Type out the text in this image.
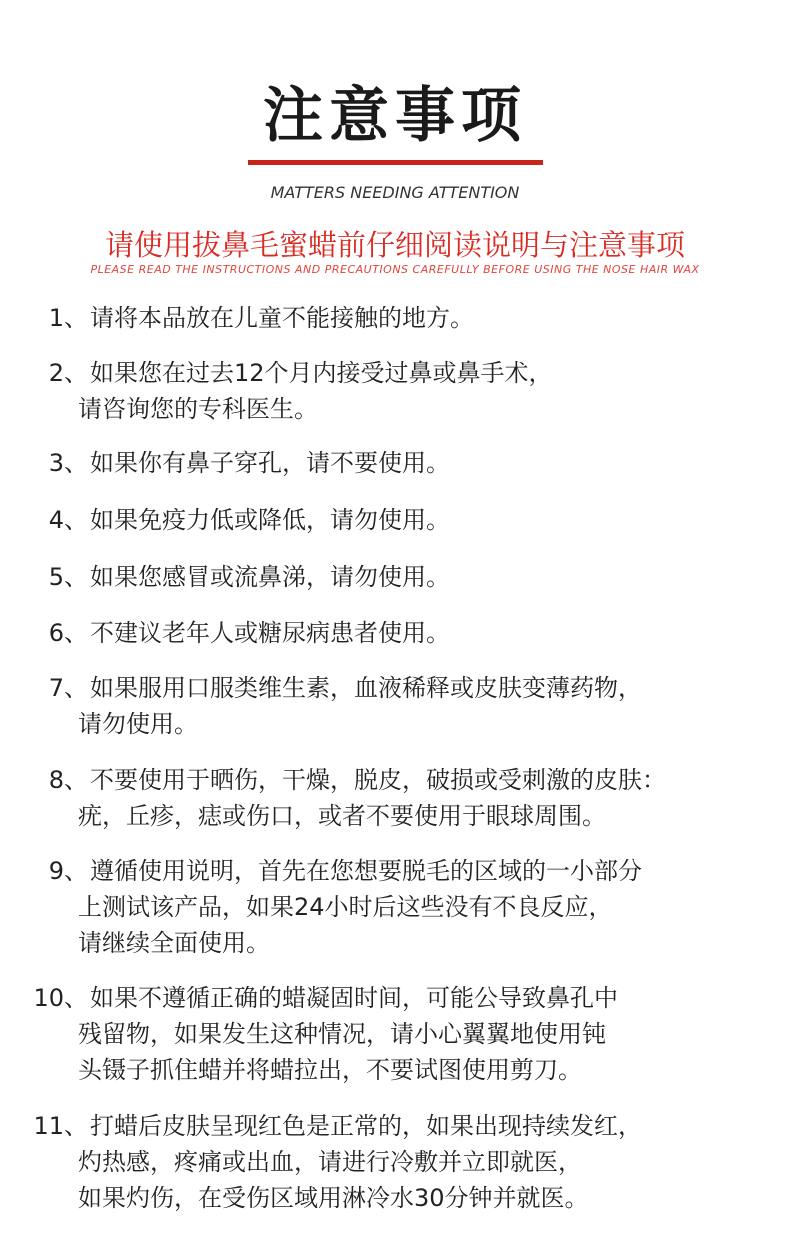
注意事项
MATTERS NEEDING ATTENTION
请使用拔鼻毛蜜蜡前仔细阅读说明与注意事项
PLEASE READ THE INSTRUCTIONS AND PRECAUTIONS CAREFULLY BEFORE USING THE NOSE HAIR WAX
1、 请将本品放在儿童不能接触的地方。
2、 如果您在过去12个月内接受过鼻或鼻手术，
请咨询您的专科医生。
3、 如果你有鼻子穿孔，请不要使用。
4、 如果免疫力低或降低，请勿使用。
5、 如果您感冒或流鼻涕，请勿使用。
6、 不建议老年人或糖尿病患者使用。
7、 如果服用口服类维生素，血液稀释或皮肤变薄药物，
请勿使用。
8、 不要使用于晒伤，干燥，脱皮，破损或受刺激的皮肤：
疣，丘疹，痣或伤口，或者不要使用于眼球周围。
9、 遵循使用说明，首先在您想要脱毛的区域的一小部分
上测试该产品，如果24小时后这些没有不良反应，
请继续全面使用。
10、 如果不遵循正确的蜡凝固时间，可能公导致鼻孔中
残留物，如果发生这种情况，请小心翼翼地使用钝
头镊子抓住蜡并将蜡拉出，不要试图使用剪刀。
11、 打蜡后皮肤呈现红色是正常的，如果出现持续发红，
灼热感，疼痛或出血，请进行冷敷并立即就医，
如果灼伤，在受伤区域用淋冷水30分钟并就医。
